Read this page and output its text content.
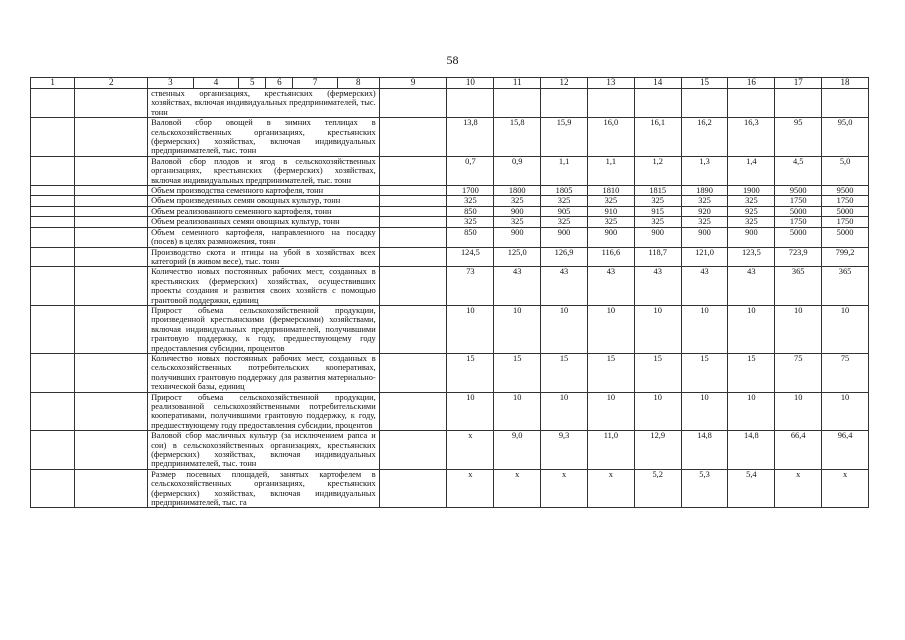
58
1	2	3	4	5	6	7	8	9	10	11	12	13	14	15	16	17	18
		ственных организациях, крестьянских (фермерских) хозяйствах, включая индивидуальных предпринимателей, тыс. тонн															
		Валовой сбор овощей в зимних теплицах в сельскохозяйственных организациях, крестьянских (фермерских) хозяйствах, включая индивидуальных предпринимателей, тыс. тонн							13,8	15,8	15,9	16,0	16,1	16,2	16,3	95	95,0
		Валовой сбор плодов и ягод в сельскохозяйственных организациях, крестьянских (фермерских) хозяйствах, включая индивидуальных предпринимателей, тыс. тонн							0,7	0,9	1,1	1,1	1,2	1,3	1,4	4,5	5,0
		Объем производства семенного картофеля, тонн							1700	1800	1805	1810	1815	1890	1900	9500	9500
		Объем произведенных семян овощных культур, тонн							325	325	325	325	325	325	325	1750	1750
		Объем реализованного семенного картофеля, тонн							850	900	905	910	915	920	925	5000	5000
		Объем реализованных семян овощных культур, тонн							325	325	325	325	325	325	325	1750	1750
		Объем семенного картофеля, направленного на посадку (посев) в целях размножения, тонн							850	900	900	900	900	900	900	5000	5000
		Производство скота и птицы на убой в хозяйствах всех категорий (в живом весе), тыс. тонн							124,5	125,0	126,9	116,6	118,7	121,0	123,5	723,9	799,2
		Количество новых постоянных рабочих мест, созданных в крестьянских (фермерских) хозяйствах, осуществивших проекты создания и развития своих хозяйств с помощью грантовой поддержки, единиц							73	43	43	43	43	43	43	365	365
		Прирост объема сельскохозяйственной продукции, произведенной крестьянскими (фермерскими) хозяйствами, включая индивидуальных предпринимателей, получившими грантовую поддержку, к году, предшествующему году предоставления субсидии, процентов							10	10	10	10	10	10	10	10	10
		Количество новых постоянных рабочих мест, созданных в сельскохозяйственных потребительских кооперативах, получивших грантовую поддержку для развития материально-технической базы, единиц							15	15	15	15	15	15	15	75	75
		Прирост объема сельскохозяйственной продукции, реализованной сельскохозяйственными потребительскими кооперативами, получившими грантовую поддержку, к году, предшествующему году предоставления субсидии, процентов							10	10	10	10	10	10	10	10	10
		Валовой сбор масличных культур (за исключением рапса и сои) в сельскохозяйственных организациях, крестьянских (фермерских) хозяйствах, включая индивидуальных предпринимателей, тыс. тонн							х	9,0	9,3	11,0	12,9	14,8	14,8	66,4	96,4
		Размер посевных площадей, занятых картофелем в сельскохозяйственных организациях, крестьянских (фермерских) хозяйствах, включая индивидуальных предпринимателей, тыс. га							х	х	х	х	5,2	5,3	5,4	х	х
